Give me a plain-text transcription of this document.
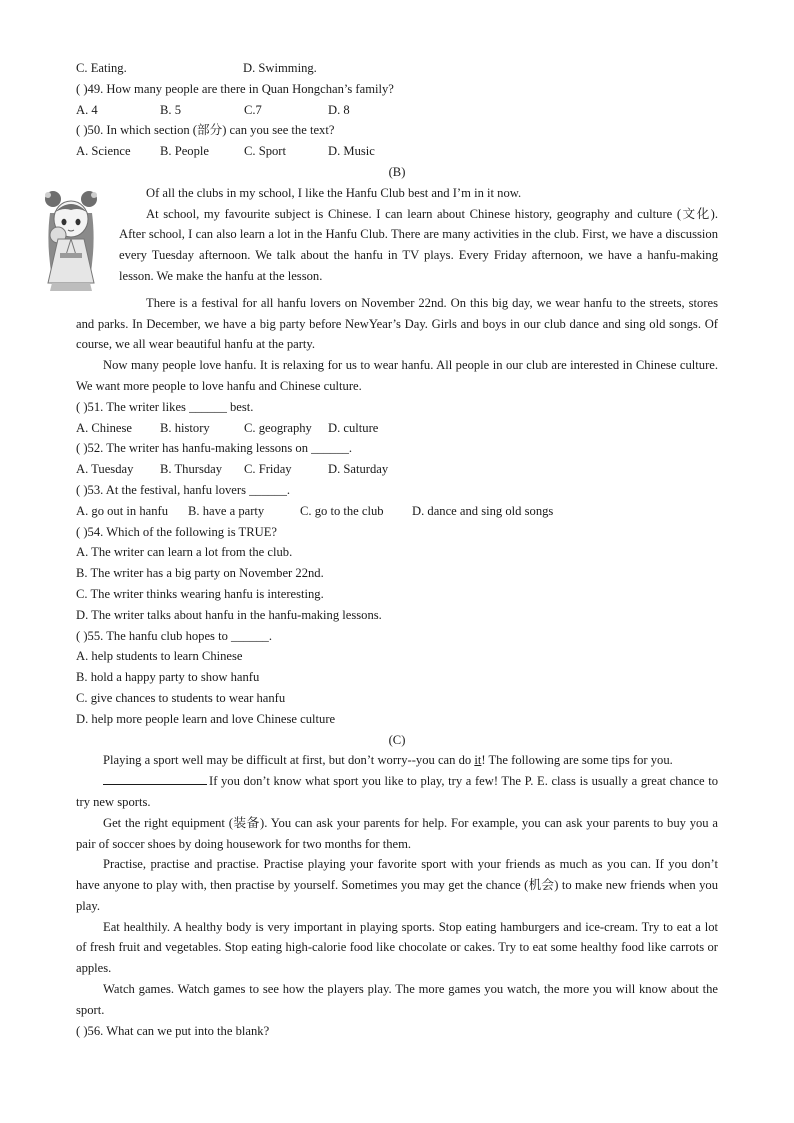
C. Eating.	D. Swimming.
( )49. How many people are there in Quan Hongchan’s family?
A. 4	B. 5	C.7	D. 8
( )50. In which section (部分) can you see the text?
A. Science	B. People	C. Sport	D. Music
(B)
Of all the clubs in my school, I like the Hanfu Club best and I’m in it now.
At school, my favourite subject is Chinese. I can learn about Chinese history, geography and culture (文化). After school, I can also learn a lot in the Hanfu Club. There are many activities in the club. First, we have a discussion every Tuesday afternoon. We talk about the hanfu in TV plays. Every Friday afternoon, we have a hanfu-making lesson. We make the hanfu at the lesson.
There is a festival for all hanfu lovers on November 22nd. On this big day, we wear hanfu to the streets, stores and parks. In December, we have a big party before NewYear’s Day. Girls and boys in our club dance and sing old songs. Of course, we all wear beautiful hanfu at the party.
Now many people love hanfu. It is relaxing for us to wear hanfu. All people in our club are interested in Chinese culture. We want more people to love hanfu and Chinese culture.
( )51. The writer likes ______ best.
A. Chinese	B. history	C. geography	D. culture
( )52. The writer has hanfu-making lessons on ______.
A. Tuesday	B. Thursday	C. Friday	D. Saturday
( )53. At the festival, hanfu lovers ______.
A. go out in hanfu	B. have a party	C. go to the club	D. dance and sing old songs
( )54. Which of the following is TRUE?
A. The writer can learn a lot from the club.
B. The writer has a big party on November 22nd.
C. The writer thinks wearing hanfu is interesting.
D. The writer talks about hanfu in the hanfu-making lessons.
( )55. The hanfu club hopes to ______.
A. help students to learn Chinese
B. hold a happy party to show hanfu
C. give chances to students to wear hanfu
D. help more people learn and love Chinese culture
(C)
Playing a sport well may be difficult at first, but don’t worry--you can do it! The following are some tips for you.
If you don’t know what sport you like to play, try a few! The P. E. class is usually a great chance to try new sports.
Get the right equipment (装备). You can ask your parents for help. For example, you can ask your parents to buy you a pair of soccer shoes by doing housework for two months for them.
Practise, practise and practise. Practise playing your favorite sport with your friends as much as you can. If you don’t have anyone to play with, then practise by yourself. Sometimes you may get the chance (机会) to make new friends when you play.
Eat healthily. A healthy body is very important in playing sports. Stop eating hamburgers and ice-cream. Try to eat a lot of fresh fruit and vegetables. Stop eating high-calorie food like chocolate or cakes. Try to eat some healthy food like carrots or apples.
Watch games. Watch games to see how the players play. The more games you watch, the more you will know about the sport.
( )56. What can we put into the blank?
